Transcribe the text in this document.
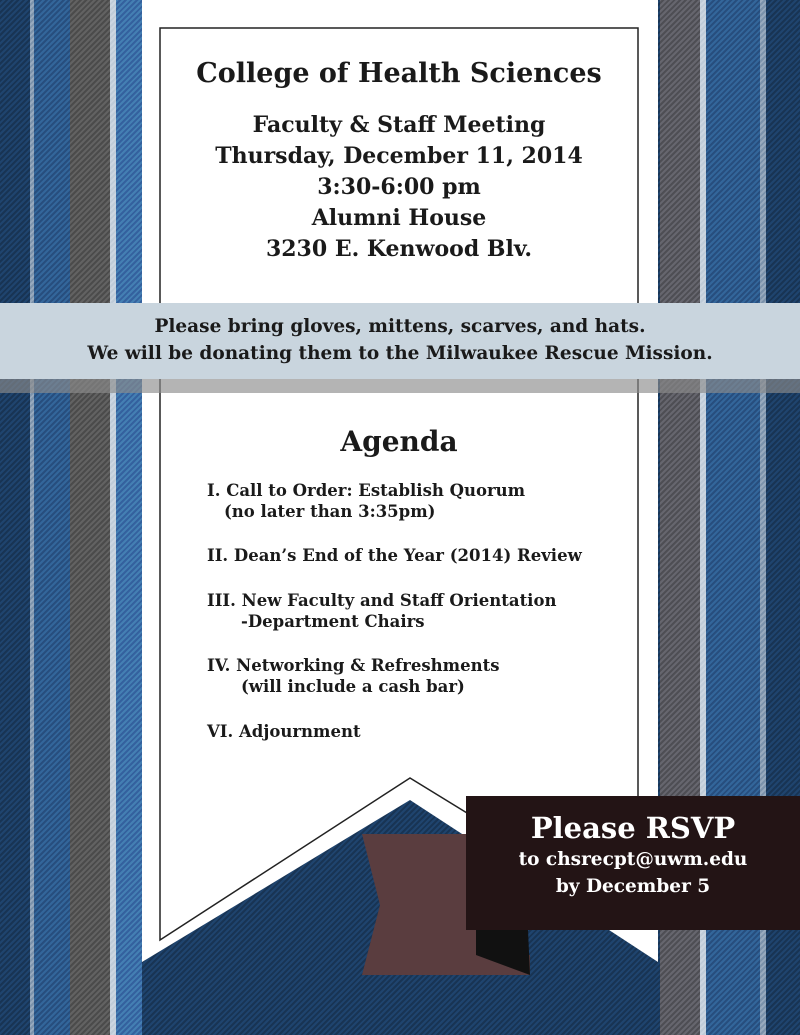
College of Health Sciences
Faculty & Staff Meeting
Thursday, December 11, 2014
3:30-6:00 pm
Alumni House
3230 E. Kenwood Blv.
Please bring gloves, mittens, scarves, and hats.
We will be donating them to the Milwaukee Rescue Mission.
Agenda

I. Call to Order: Establish Quorum

(no later than 3:35pm)

II. Dean’s End of the Year (2014) Review

III. New Faculty and Staff Orientation

-Department Chairs

IV. Networking & Refreshments

(will include a cash bar)

VI. Adjournment

Please RSVP
to chsrecpt@uwm.edu
by December 5
